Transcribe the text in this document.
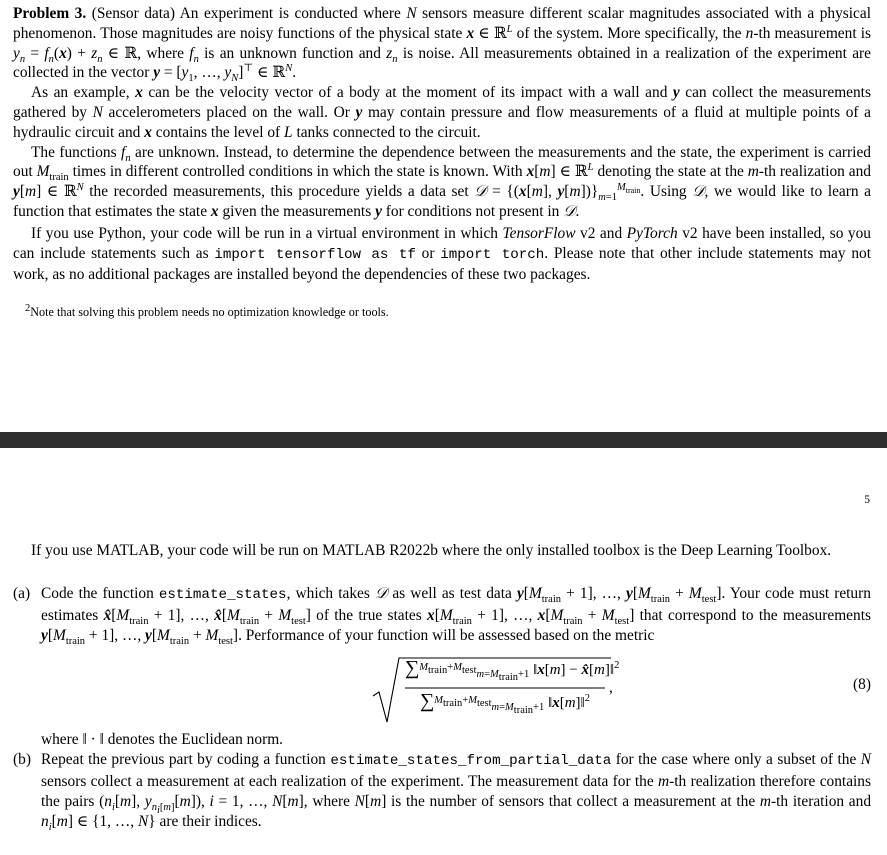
Problem 3. (Sensor data) An experiment is conducted where N sensors measure different scalar magnitudes associated with a physical phenomenon. Those magnitudes are noisy functions of the physical state x ∈ ℝ$^L$ of the system. More specifically, the n-th measurement is $y_n = f_n(x) + z_n$ ∈ ℝ, where $f_n$ is an unknown function and $z_n$ is noise. All measurements obtained in a realization of the experiment are collected in the vector $y = [y_1$, …, $y_N]^⊤$ ∈ ℝ$^N$.

As an example, x can be the velocity vector of a body at the moment of its impact with a wall and y can collect the measurements gathered by N accelerometers placed on the wall. Or y may contain pressure and flow measurements of a fluid at multiple points of a hydraulic circuit and x contains the level of L tanks connected to the circuit.

The functions $f_n$ are unknown. Instead, to determine the dependence between the measurements and the state, the experiment is carried out $M_{train}$ times in different controlled conditions in which the state is known. With x[m] ∈ ℝ$^L$ denoting the state at the m-th realization and y[m] ∈ ℝ$^N$ the recorded measurements, this procedure yields a data set 𝒟 = {(x[m], $y[m])\}_{m=1}^{M_{train}}$. Using 𝒟, we would like to learn a function that estimates the state x given the measurements y for conditions not present in 𝒟.

If you use Python, your code will be run in a virtual environment in which TensorFlow v2 and PyTorch v2 have been installed, so you can include statements such as import tensorflow as tf or import torch. Please note that other include statements may not work, as no additional packages are installed beyond the dependencies of these two packages.

$^2$Note that solving this problem needs no optimization knowledge or tools.

5

If you use MATLAB, your code will be run on MATLAB R2022b where the only installed toolbox is the Deep Learning Toolbox.

(a) Code the function estimate_states, which takes 𝒟 as well as test data $y[M_{train} + 1]$, …, $y[M_{train} + M_{test}]$. Your code must return estimates $x̂[M_{train} + 1]$, …, $x̂[M_{train} + M_{test}]$ of the true states $x[M_{train} + 1]$, …, $x[M_{train} + M_{test}]$ that correspond to the measurements $y[M_{train} + 1]$, …, $y[M_{train} + M_{test}]$. Performance of your function will be assessed based on the metric
∑$^{M_{train}+M_{test}}_{m=M_{train}+1}$ ‖x[m] − x̂[m]‖$^2$
∑$^{M_{train}+M_{test}}_{m=M_{train}+1}$ ‖x[m]‖$^2$
,	(8)
where ‖ · ‖ denotes the Euclidean norm.
(b) Repeat the previous part by coding a function estimate_states_from_partial_data for the case where only a subset of the N sensors collect a measurement at each realization of the experiment. The measurement data for the m-th realization therefore contains the pairs ($n_i[m]$, $y_{n_i[m]}[m]$), i = 1, …, N[m], where N[m] is the number of sensors that collect a measurement at the m-th iteration and $n_i[m]$ ∈ {1, …, N} are their indices.
